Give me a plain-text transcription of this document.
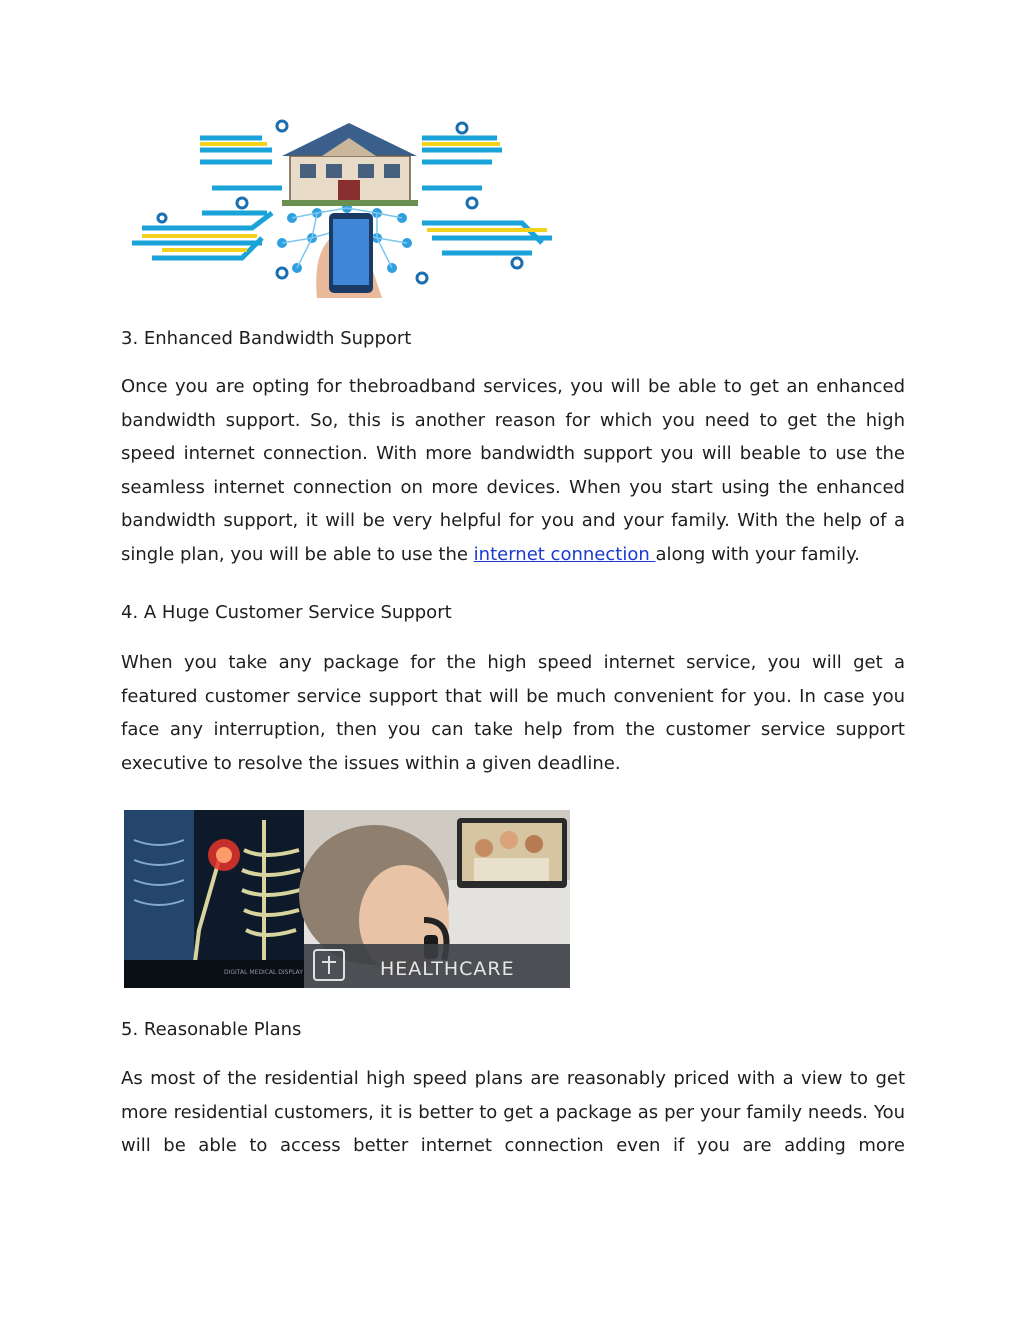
3. Enhanced Bandwidth Support

Once you are opting for thebroadband services, you will be able to get an enhanced bandwidth support. So, this is another reason for which you need to get the high speed internet connection. With more bandwidth support you will beable to use the seamless internet connection on more devices. When you start using the enhanced bandwidth support, it will be very helpful for you and your family. With the help of a single plan, you will be able to use the internet connection along with your family.

4. A Huge Customer Service Support

When you take any package for the high speed internet service, you will get a featured customer service support that will be much convenient for you. In case you face any interruption, then you can take help from the customer service support executive to resolve the issues within a given deadline.

DIGITAL MEDICAL DISPLAY	HEALTHCARE
5. Reasonable Plans

As most of the residential high speed plans are reasonably priced with a view to get more residential customers, it is better to get a package as per your family needs. You will be able to access better internet connection even if you are adding more
